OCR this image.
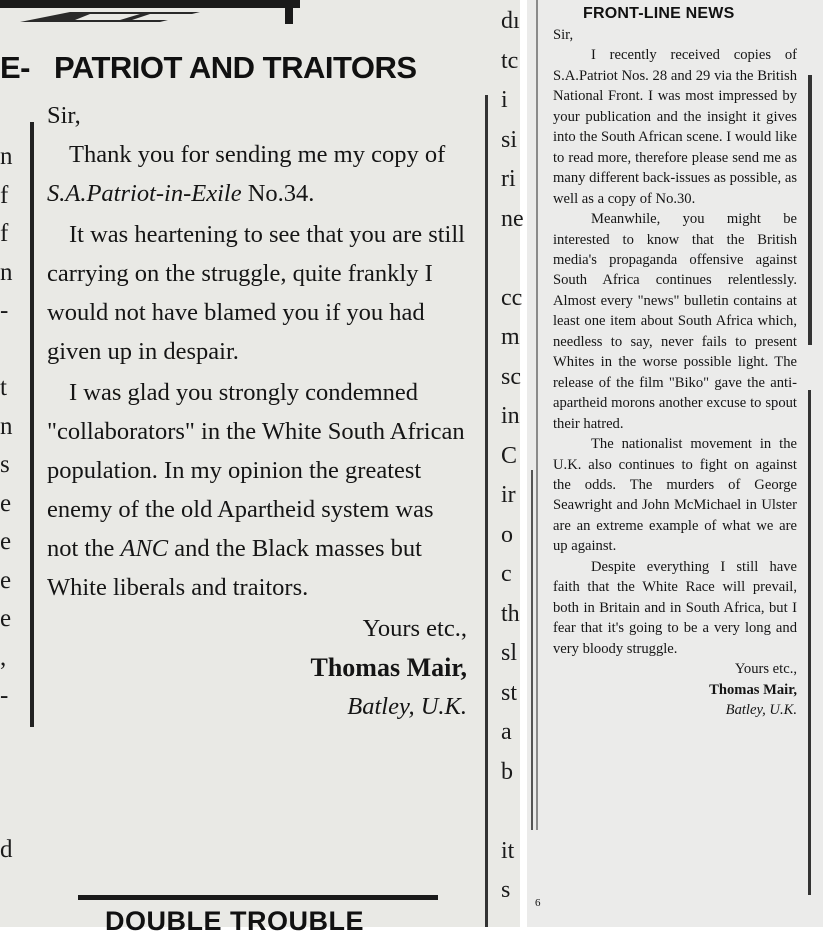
n
f
f
n
-

t
n
s
e
e
e
e
,
-

d
dı
tc
i
si
ri
ne

cc
m
sc
in
C
ir
o
c
th
sl
st
a
b

it
s
E- PATRIOT AND TRAITORS

Sir,

Thank you for sending me my copy of S.A.Patriot-in-Exile No.34.

It was heartening to see that you are still carrying on the struggle, quite frankly I would not have blamed you if you had given up in despair.

I was glad you strongly condemned "collaborators" in the White South African population. In my opinion the greatest enemy of the old Apartheid system was not the ANC and the Black masses but White liberals and traitors.

Yours etc.,

Thomas Mair,

Batley, U.K.

DOUBLE TROUBLE
FRONT-LINE NEWS

Sir,

I recently received copies of S.A.Patriot Nos. 28 and 29 via the British National Front. I was most impressed by your publication and the insight it gives into the South African scene. I would like to read more, therefore please send me as many different back-issues as possible, as well as a copy of No.30.

Meanwhile, you might be interested to know that the British media's propaganda offensive against South Africa continues relentlessly. Almost every "news" bulletin contains at least one item about South Africa which, needless to say, never fails to present Whites in the worse possible light. The release of the film "Biko" gave the anti-apartheid morons another excuse to spout their hatred.

The nationalist movement in the U.K. also continues to fight on against the odds. The murders of George Seawright and John McMichael in Ulster are an extreme example of what we are up against.

Despite everything I still have faith that the White Race will prevail, both in Britain and in South Africa, but I fear that it's going to be a very long and very bloody struggle.

Yours etc.,

Thomas Mair,

Batley, U.K.

6
